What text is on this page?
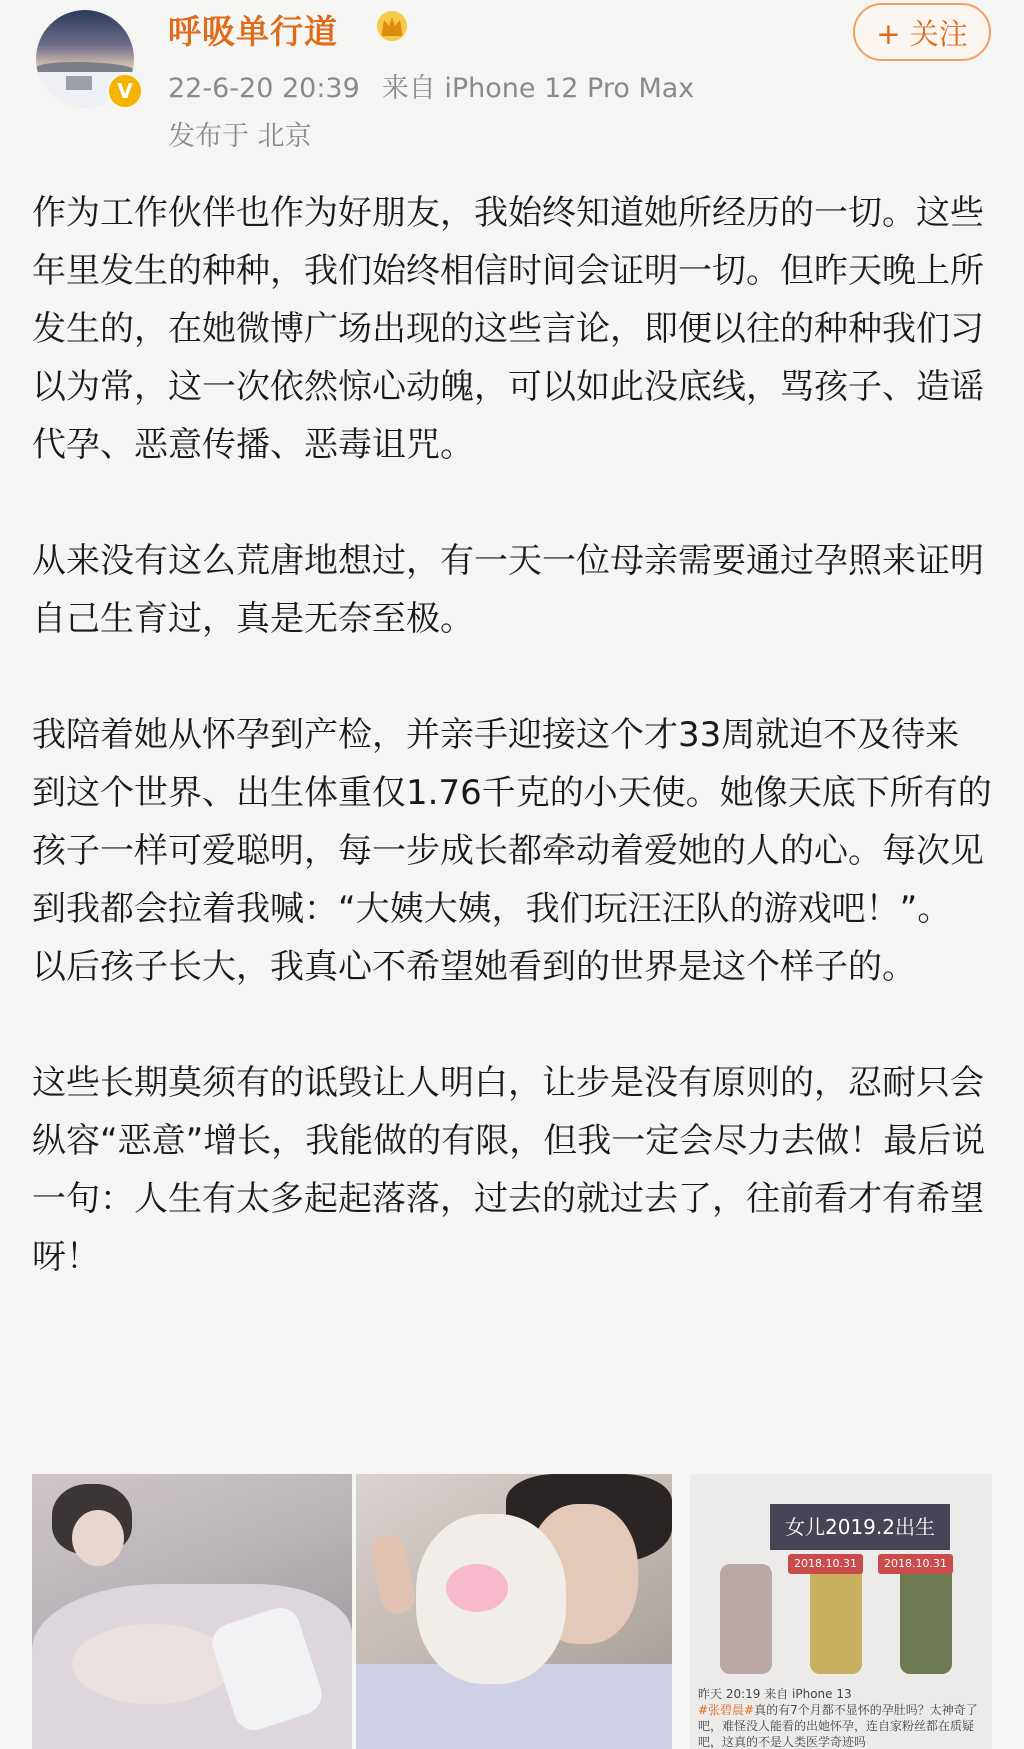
V
呼吸单行道
22-6-20 20:39 来自 iPhone 12 Pro Max
发布于 北京
+ 关注

作为工作伙伴也作为好朋友，我始终知道她所经历的一切。这些年里发生的种种，我们始终相信时间会证明一切。但昨天晚上所发生的，在她微博广场出现的这些言论，即便以往的种种我们习以为常，这一次依然惊心动魄，可以如此没底线，骂孩子、造谣代孕、恶意传播、恶毒诅咒。

从来没有这么荒唐地想过，有一天一位母亲需要通过孕照来证明自己生育过，真是无奈至极。

我陪着她从怀孕到产检，并亲手迎接这个才33周就迫不及待来到这个世界、出生体重仅1.76千克的小天使。她像天底下所有的孩子一样可爱聪明，每一步成长都牵动着爱她的人的心。每次见到我都会拉着我喊：“大姨大姨，我们玩汪汪队的游戏吧！”。

以后孩子长大，我真心不希望她看到的世界是这个样子的。

这些长期莫须有的诋毁让人明白，让步是没有原则的，忍耐只会纵容“恶意”增长，我能做的有限，但我一定会尽力去做！最后说一句：人生有太多起起落落，过去的就过去了，往前看才有希望呀！

女儿2019.2出生
2018.10.31	2018.10.31
昨天 20:19 来自 iPhone 13
#张碧晨#真的有7个月都不显怀的孕肚吗？太神奇了吧，难怪没人能看的出她怀孕，连自家粉丝都在质疑吧，这真的不是人类医学奇迹吗
